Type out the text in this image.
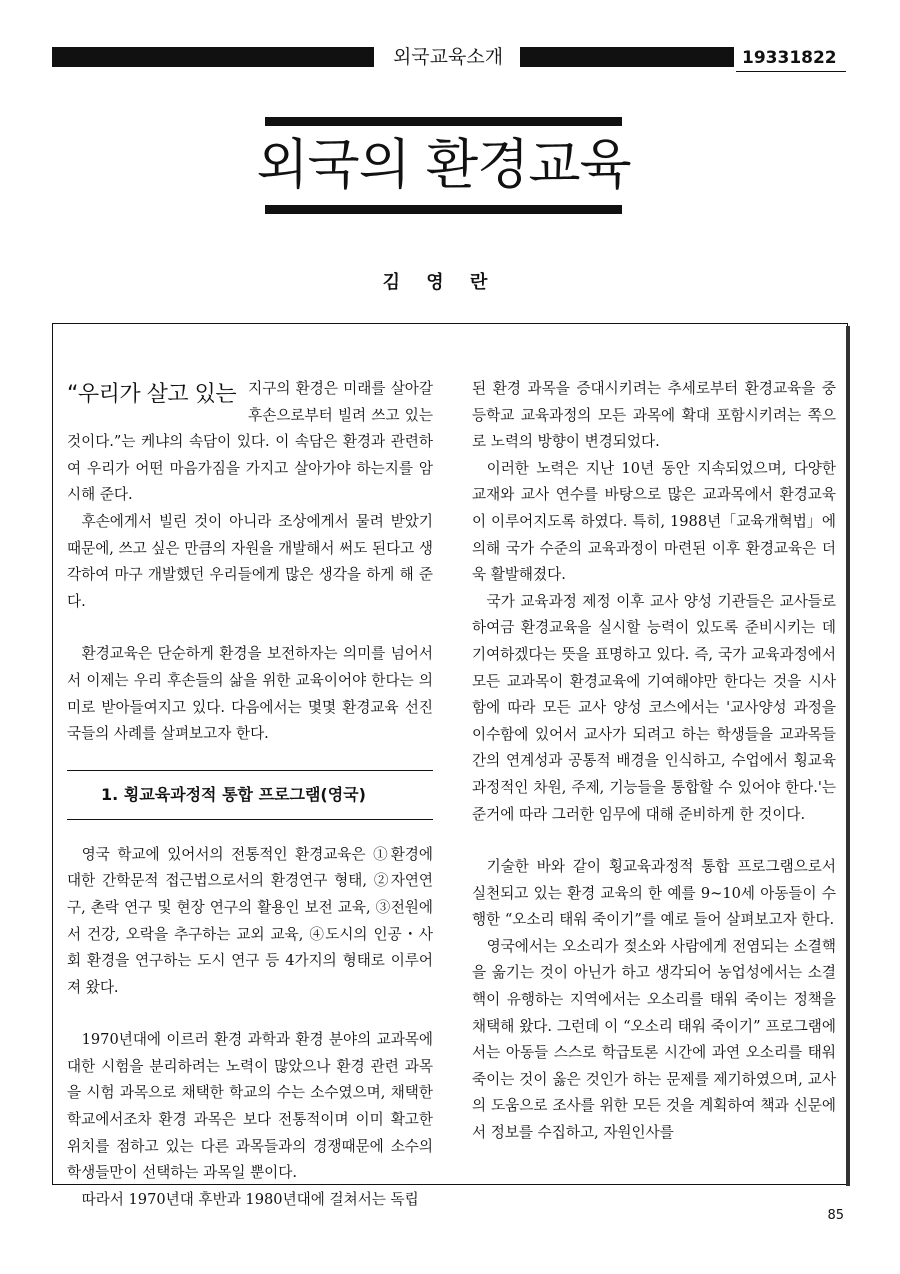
외국교육소개	19331822
외국의 환경교육
김 영 란

“우리가 살고 있는 지구의 환경은 미래를 살아갈 후손으로부터 빌려 쓰고 있는 것이다.”는 케냐의 속담이 있다. 이 속담은 환경과 관련하여 우리가 어떤 마음가짐을 가지고 살아가야 하는지를 암시해 준다.

후손에게서 빌린 것이 아니라 조상에게서 물려 받았기 때문에, 쓰고 싶은 만큼의 자원을 개발해서 써도 된다고 생각하여 마구 개발했던 우리들에게 많은 생각을 하게 해 준다.

환경교육은 단순하게 환경을 보전하자는 의미를 넘어서서 이제는 우리 후손들의 삶을 위한 교육이어야 한다는 의미로 받아들여지고 있다. 다음에서는 몇몇 환경교육 선진국들의 사례를 살펴보고자 한다.

1. 횡교육과정적 통합 프로그램(영국)

영국 학교에 있어서의 전통적인 환경교육은 ①환경에 대한 간학문적 접근법으로서의 환경연구 형태, ②자연연구, 촌락 연구 및 현장 연구의 활용인 보전 교육, ③전원에서 건강, 오락을 추구하는 교외 교육, ④도시의 인공・사회 환경을 연구하는 도시 연구 등 4가지의 형태로 이루어져 왔다.

1970년대에 이르러 환경 과학과 환경 분야의 교과목에 대한 시험을 분리하려는 노력이 많았으나 환경 관련 과목을 시험 과목으로 채택한 학교의 수는 소수였으며, 채택한 학교에서조차 환경 과목은 보다 전통적이며 이미 확고한 위치를 점하고 있는 다른 과목들과의 경쟁때문에 소수의 학생들만이 선택하는 과목일 뿐이다.

따라서 1970년대 후반과 1980년대에 걸쳐서는 독립

된 환경 과목을 증대시키려는 추세로부터 환경교육을 중등학교 교육과정의 모든 과목에 확대 포함시키려는 쪽으로 노력의 방향이 변경되었다.

이러한 노력은 지난 10년 동안 지속되었으며, 다양한 교재와 교사 연수를 바탕으로 많은 교과목에서 환경교육이 이루어지도록 하였다. 특히, 1988년「교육개혁법」에 의해 국가 수준의 교육과정이 마련된 이후 환경교육은 더욱 활발해졌다.

국가 교육과정 제정 이후 교사 양성 기관들은 교사들로 하여금 환경교육을 실시할 능력이 있도록 준비시키는 데 기여하겠다는 뜻을 표명하고 있다. 즉, 국가 교육과정에서 모든 교과목이 환경교육에 기여해야만 한다는 것을 시사함에 따라 모든 교사 양성 코스에서는 '교사양성 과정을 이수함에 있어서 교사가 되려고 하는 학생들을 교과목들 간의 연계성과 공통적 배경을 인식하고, 수업에서 횡교육과정적인 차원, 주제, 기능들을 통합할 수 있어야 한다.'는 준거에 따라 그러한 임무에 대해 준비하게 한 것이다.

기술한 바와 같이 횡교육과정적 통합 프로그램으로서 실천되고 있는 환경 교육의 한 예를 9~10세 아동들이 수행한 “오소리 태워 죽이기”를 예로 들어 살펴보고자 한다.

영국에서는 오소리가 젖소와 사람에게 전염되는 소결핵을 옮기는 것이 아닌가 하고 생각되어 농업성에서는 소결핵이 유행하는 지역에서는 오소리를 태워 죽이는 정책을 채택해 왔다. 그런데 이 “오소리 태워 죽이기” 프로그램에서는 아동들 스스로 학급토론 시간에 과연 오소리를 태워 죽이는 것이 옳은 것인가 하는 문제를 제기하였으며, 교사의 도움으로 조사를 위한 모든 것을 계획하여 책과 신문에서 정보를 수집하고, 자원인사를

85
